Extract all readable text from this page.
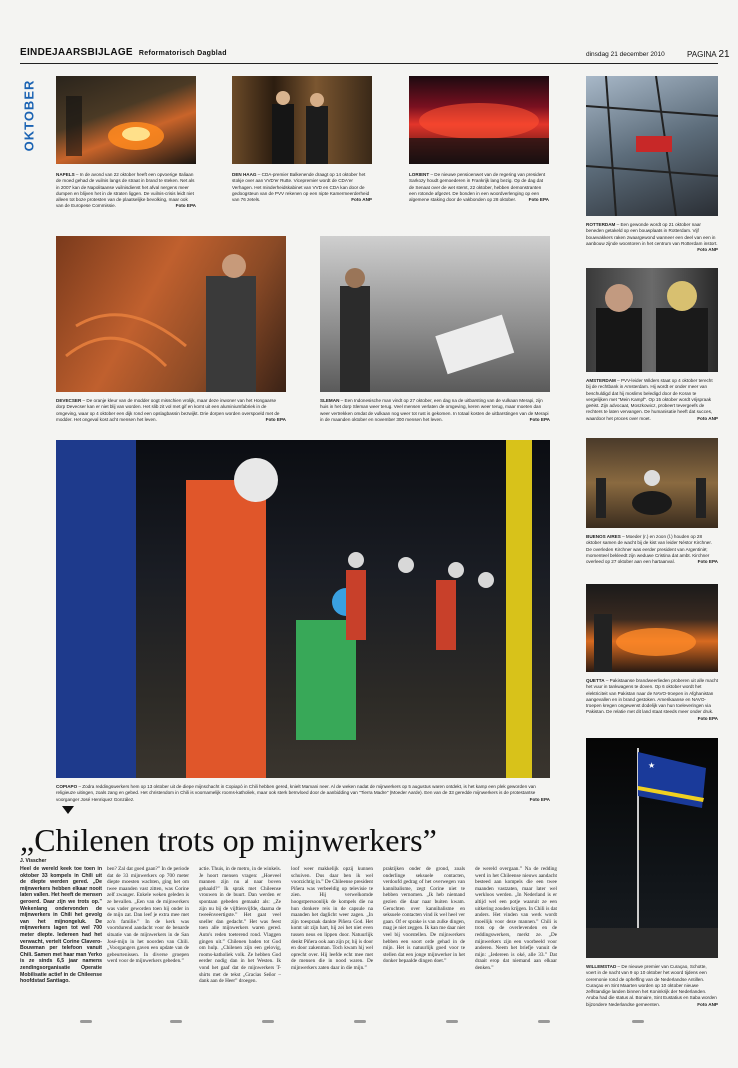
EINDEJAARSBIJLAGE Reformatorisch Dagblad	dinsdag 21 december 2010	PAGINA 21
OKTOBER
NAPELS – In de avond van 22 oktober heeft een opvoerige Italiaan de moed gehad de vuilnis langs de straat in brand te steken. Net als in 2007 kan de Napolitaanse vuilnisdienst het afval nergens meer dumpen en blijven het in de straten liggen. De vuilnis-crisis leidt niet alleen tot boze protesten van de plaatselijke bevolking, maar ook van de Europese Commissie.	Foto EPA
DEN HAAG – CDA-premier Balkenende draagt op 14 oktober het stokje over aan VVD'er Rutte. Vicepremier wordt de CDA'er Verhagen. Het minderheidskabinet van VVD en CDA kan door de gedoogsteun van de PVV rekenen op een nipte Kamermeerderheid van 76 zetels.	Foto ANP
LORIENT – De nieuwe pensioenwet van de regering van president Sarkozy houdt gemoederen in Frankrijk lang bezig. Op de dag dat de Senaat over de wet stemt, 22 oktober, hebben demonstranten een rotonde afgezet. De bonden in een woordverlenging op een algemene staking door de vakbonden op 28 oktober.	Foto EPA
ROTTERDAM – Een gewonde wordt op 21 oktober naar beneden getakeld op een bouwplaats in Rotterdam. Vijf bouwvakkers raken zwaargewond wanneer een deel van een in aanbouw zijnde woontoren in het centrum van Rotterdam instort.
Foto ANP
DEVECSER – De oranje kleur van de modder oogt misschien vrolijk, maar deze inwoner van het Hongaarse dorp Devecser kan er niet blij van worden. Het slib zit vol met gif en komt uit een aluminiumfabriek in de omgeving, waar op 4 oktober een dijk rond een opslagbassin bezwijkt. Drie dorpen worden overspoeld met de modder. Het ongeval kost acht mensen het leven.	Foto EPA
SLEMAN – Een Indonesische man vindt op 27 oktober, een dag na de uitbarsting van de vulkaan Merapi, zijn huis in het dorp Sleman weer terug. Veel mensen verlaten de omgeving, keren weer terug, maar moeten dan weer vertrekken omdat de vulkaan nog weer tot rust is gekomen. In totaal kosten de uitbarstingen van de Merapi in de maanden oktober en november 300 mensen het leven.	Foto EPA
AMSTERDAM – PVV-leider Wilders staat op 4 oktober terecht bij de rechtbank in Amsterdam. Hij wordt er onder meer van beschuldigd dat hij moslims beledigd door de Koran te vergelijken met "Mein Kampf". Op 15 oktober wordt vrijspraak geëist. Zijn advocaat, Moszkowicz, probeert tevergeefs de rechters te laten vervangen. De humanisatie heeft dat succes, waardoor het proces over moet.	Foto ANP
BUENOS AIRES – Moeder (r.) en zoon (l.) houden op 28 oktober samen de wacht bij de kist van leider Néstor Kirchner. De overleden Kirchner was eerder president van Argentinië; momenteel bekleedt zijn weduwe Cristina dat ambt. Kirchner overleed op 27 oktober aan een hartaanval.	Foto EPA
QUETTA – Pakistaanse brandweerlieden proberen uit alle macht het vuur in tankwagens te doven. Op 6 oktober wordt het elektriciteit van Pakistan naar de NAVO-troepen in Afghanistan aangevallen en in brand gestoken. Amerikaanse en NAVO-troepen kregen ongewenst dodelijk van hun toeleveringen via Pakistan. De relatie met dit land staat steeds meer onder druk.
Foto EPA
COPIAPO – Zodra reddingswerkers hem op 13 oktober uit de diepe mijnschacht in Copiapó in Chili hebben gered, knielt Mamani neer. Al de weken nadat de mijnwerkers op 5 augustus waren ontdekt, is het kamp een plek geworden van religieuze uitingen, zoals zang en gebed. Het christendom in Chili is voornamelijk rooms-katholiek, maar ook sterk beïnvloed door de aanbidding van "Tierra Madre" (Moeder Aarde). Een van de 33 geredde mijnwerkers is de protestantse voorganger José Henriquez González.	Foto EPA
★
WILLEMSTAD – De nieuwe premier van Curaçao, Schotte, voert in de nacht van 9 op 10 oktober het woord tijdens een ceremonie rond de opheffing van de Nederlandse Antillen. Curaçao en Sint Maarten worden op 10 oktober nieuwe zelfstandige landen binnen het Koninkrijk der Nederlanden. Aruba had die status al. Bonaire, Sint Eustatius en Saba worden bijzondere Nederlandse gemeenten.	Foto ANP
„Chilenen trots op mijnwerkers”
J. Visscher

Heel de wereld keek toe toen in oktober 33 kompels in Chili uit de diepte werden gered. „De mijnwerkers hebben elkaar nooit laten vallen. Het heeft de mensen geroerd. Daar zijn we trots op.” Wekenlang ondervonden de mijnwerkers in Chili het gevolg van het mijnongeluk. De mijnwerkers lagen tot wel 700 meter diepte. Iedereen had het verwacht, vertelt Corine Clavero-Bouwman per telefoon vanuit Chili. Samen met haar man Yerko is ze sinds 6,5 jaar namens zendingsorganisatie Operatie Mobilisatie actief in de Chileense hoofdstad Santiago.

ben? Zal dat goed gaan?” In de periode dat de 33 mijnwerkers op 700 meter diepte moesten wachten, ging het om twee maanden vast zitten, was Corine zelf zwanger. Enkele weken geleden is ze bevallen. „Een van de mijnwerkers was vader geworden toen hij onder in de mijn zat. Dan leef je extra mee met zo'n familie.” In de kerk was voortdurend aandacht voor de benarde situatie van de mijnwerkers in de San José-mijn in het noorden van Chili. „Voorgangers gaven een update van de gebeurtenissen. In diverse groepen werd voor de mijnwerkers gebeden.”

actie. Thuis, in de metro, in de winkels. Je hoort mensen vragen: „Hoeveel mannen zijn nu al naar boven gehaald?” Ik sprak met Chileense vrouwen in de buurt. Dan werden er spontaan gebeden gemaakt als: „Ze zijn nu bij de vijftienvijfde, daarna de tweeënveertigste.” Het gaat veel sneller dan gedacht.” Het was feest toen alle mijnwerkers waren gered. Auto's reden toeterend rond. Vlaggen gingen uit.” Chilenen baden tot God om hulp. „Chilenen zijn een gelovig, rooms-katholiek volk. Ze hebben God eerder nodig dan in het Westen. Ik vond het gaaf dat de mijnwerkers T-shirts met de tekst „Gracias Señor – dank aan de Heer” droegen.

loof weer makkelijk opzij kunnen schuiven. Dus daar ben ik wel voorzichtig in.” De Chileense president Piñera was verbeeldig op televisie te zien. Hij verwelkomde hoogstpersoonlijk de kompels die na hun donkere reis in de capsule na maanden het daglicht weer zagen. „In zijn toespraak dankte Piñera God. Het komt uit zijn hart, hij zei het niet even tussen neus en lippen door. Natuurlijk denkt Piñera ook aan zijn pr, hij is door en door zakenman. Toch kwam hij wel oprecht over. Hij leefde echt mee met de mensen die in nood waren. De mijnwerkers zaten daar in die mijn.”

praktijken onder de grond, zoals onderlinge seksuele contacten, verdoofd gedrag of het overwegen van kannibalisme, zegt Corine niet te hebben vernomen. „Ik heb niemand gezien die daar naar buiten kwam. Geruchten over kannibalisme en seksuele contacten vind ik wel heel ver gaan. Of er sprake is van zulke dingen, mag je niet zeggen. Ik kan me daar niet veel bij voorstellen. De mijnwerkers hebben een soort orde gehad in de mijn. Het is natuurlijk goed voor te stellen dat een jonge mijnwerker in het donker bepaalde dingen doet.”

de wereld overgaan.” Na de redding werd in het Chileense nieuws aandacht besteed aan kompels die een twee maanden vastzaten, maar later wel werkloos werden. „In Nederland is er altijd wel een potje waaruit ze een uitkering zouden krijgen. In Chili is dat anders. Het vinden van werk wordt moeilijk voor deze mannen.” Chili is trots op de overlevenden en de reddingswerkers, merkt ze. „De mijnwerkers zijn een voorbeeld voor anderen. Neem het briefje vanuit de mijn: „Iedereen is oké, alle 33.” Dat draait erop dat niemand aan elkaar denken.”
